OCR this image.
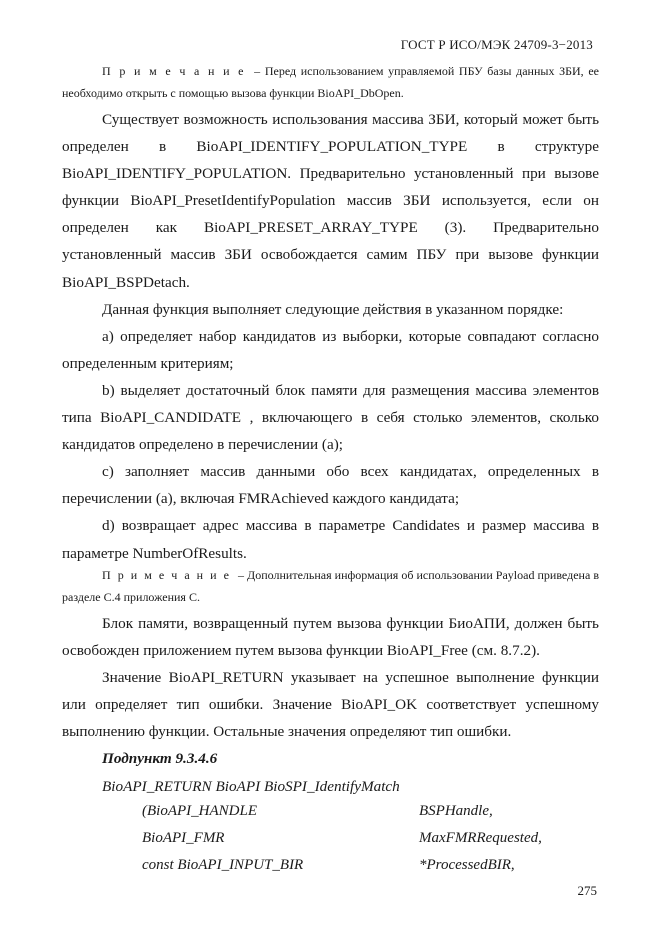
ГОСТ Р ИСО/МЭК 24709-3−2013

П р и м е ч а н и е – Перед использованием управляемой ПБУ базы данных ЗБИ, ее необходимо открыть с помощью вызова функции BioAPI_DbOpen.

Существует возможность использования массива ЗБИ, который может быть определен в BioAPI_IDENTIFY_POPULATION_TYPE в структуре BioAPI_IDENTIFY_POPULATION. Предварительно установленный при вызове функции BioAPI_PresetIdentifyPopulation массив ЗБИ используется, если он определен как BioAPI_PRESET_ARRAY_TYPE (3). Предварительно установленный массив ЗБИ освобождается самим ПБУ при вызове функции BioAPI_BSPDetach.

Данная функция выполняет следующие действия в указанном порядке:

a) определяет набор кандидатов из выборки, которые совпадают согласно определенным критериям;

b) выделяет достаточный блок памяти для размещения массива элементов типа BioAPI_CANDIDATE , включающего в себя столько элементов, сколько кандидатов определено в перечислении (a);

c) заполняет массив данными обо всех кандидатах, определенных в перечислении (a), включая FMRAchieved каждого кандидата;

d) возвращает адрес массива в параметре Candidates и размер массива в параметре NumberOfResults.

П р и м е ч а н и е – Дополнительная информация об использовании Payload приведена в разделе С.4 приложения С.

Блок памяти, возвращенный путем вызова функции БиоАПИ, должен быть освобожден приложением путем вызова функции BioAPI_Free (см. 8.7.2).

Значение BioAPI_RETURN указывает на успешное выполнение функции или определяет тип ошибки. Значение BioAPI_OK соответствует успешному выполнению функции. Остальные значения определяют тип ошибки.

Подпункт 9.3.4.6

BioAPI_RETURN BioAPI BioSPI_IdentifyMatch

(BioAPI_HANDLE	BSPHandle,
BioAPI_FMR	MaxFMRRequested,
const BioAPI_INPUT_BIR	*ProcessedBIR,
275
